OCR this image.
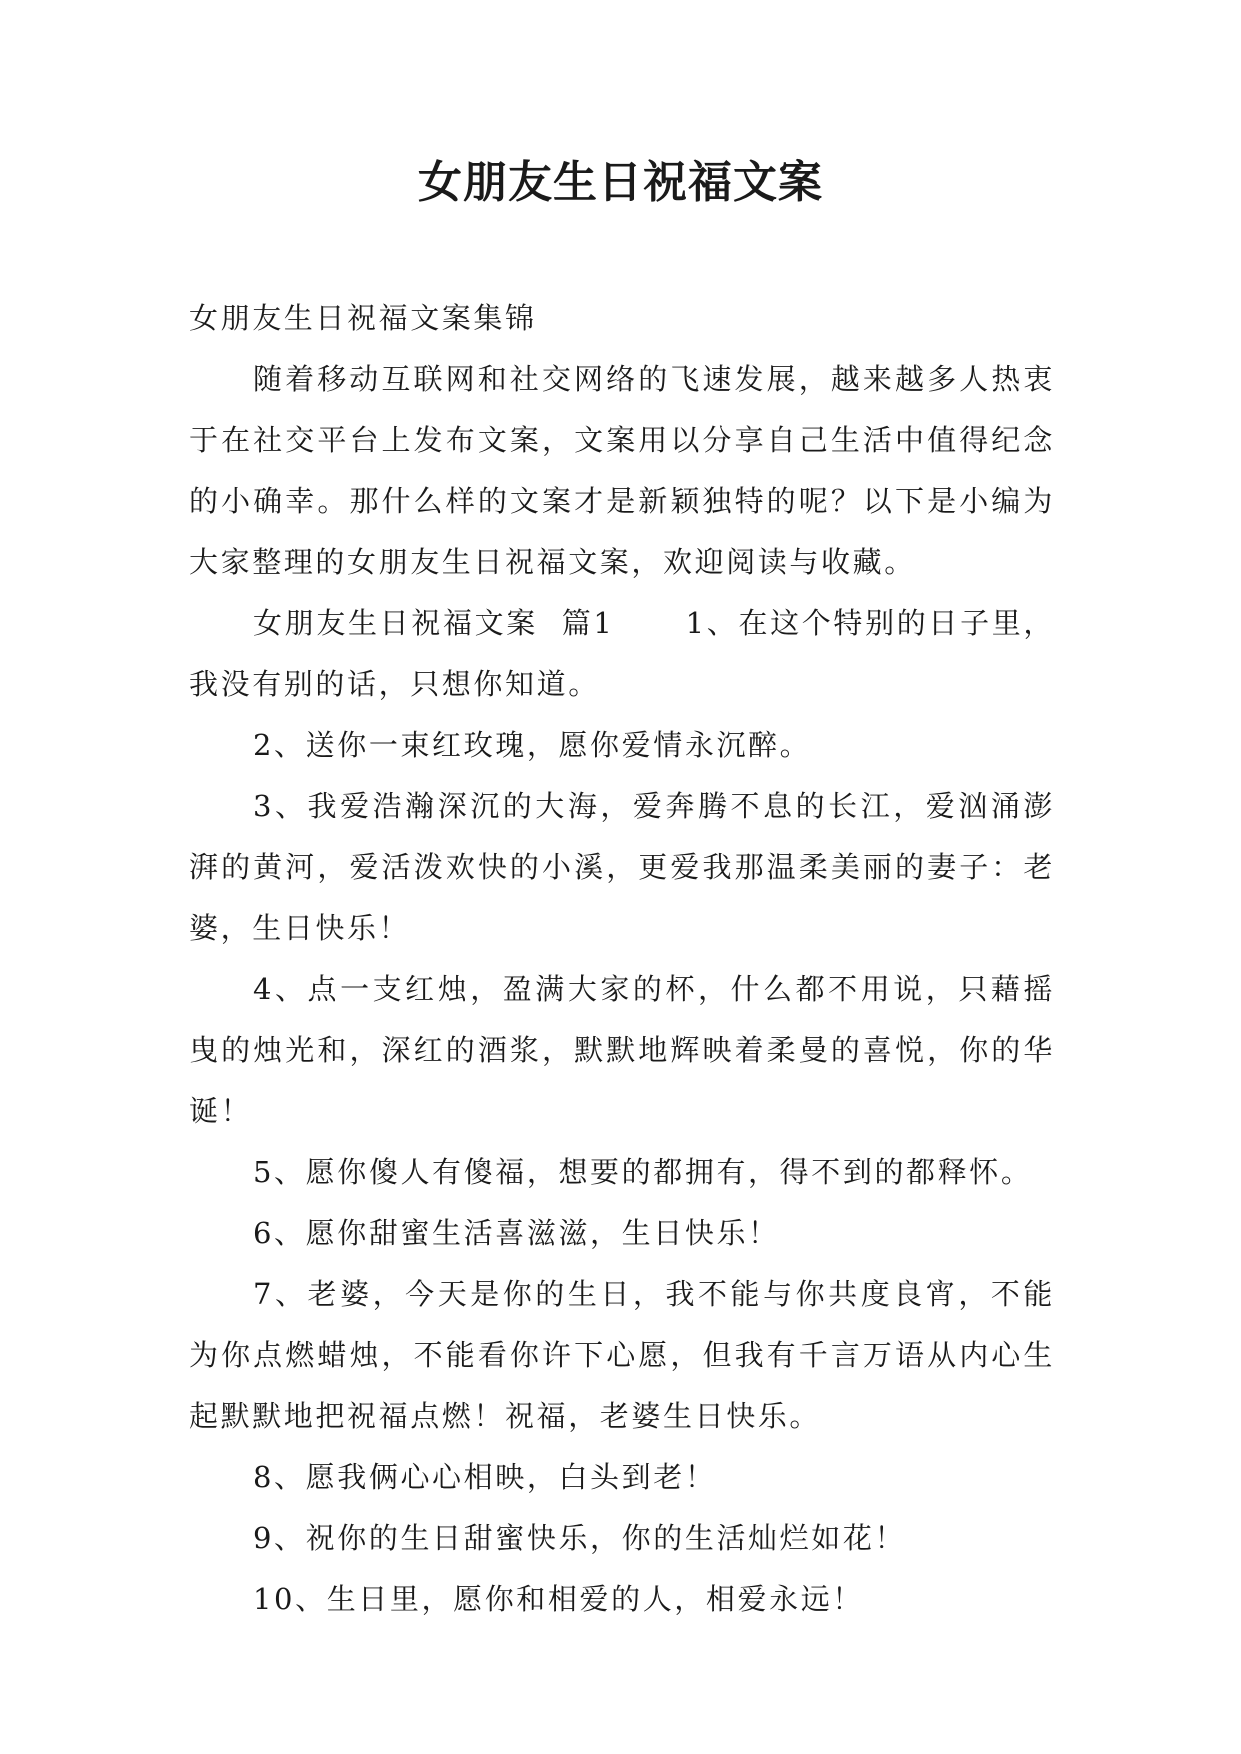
女朋友生日祝福文案

女朋友生日祝福文案集锦

随着移动互联网和社交网络的飞速发展，越来越多人热衷于在社交平台上发布文案，文案用以分享自己生活中值得纪念的小确幸。那什么样的文案才是新颖独特的呢？以下是小编为大家整理的女朋友生日祝福文案，欢迎阅读与收藏。

女朋友生日祝福文案  篇1      1、在这个特别的日子里，我没有别的话，只想你知道。

2、送你一束红玫瑰，愿你爱情永沉醉。

3、我爱浩瀚深沉的大海，爱奔腾不息的长江，爱汹涌澎湃的黄河，爱活泼欢快的小溪，更爱我那温柔美丽的妻子：老婆，生日快乐！

4、点一支红烛，盈满大家的杯，什么都不用说，只藉摇曳的烛光和，深红的酒浆，默默地辉映着柔曼的喜悦，你的华诞！

5、愿你傻人有傻福，想要的都拥有，得不到的都释怀。

6、愿你甜蜜生活喜滋滋，生日快乐！

7、老婆，今天是你的生日，我不能与你共度良宵，不能为你点燃蜡烛，不能看你许下心愿，但我有千言万语从内心生起默默地把祝福点燃！祝福，老婆生日快乐。

8、愿我俩心心相映，白头到老！

9、祝你的生日甜蜜快乐，你的生活灿烂如花！

10、生日里，愿你和相爱的人，相爱永远！
